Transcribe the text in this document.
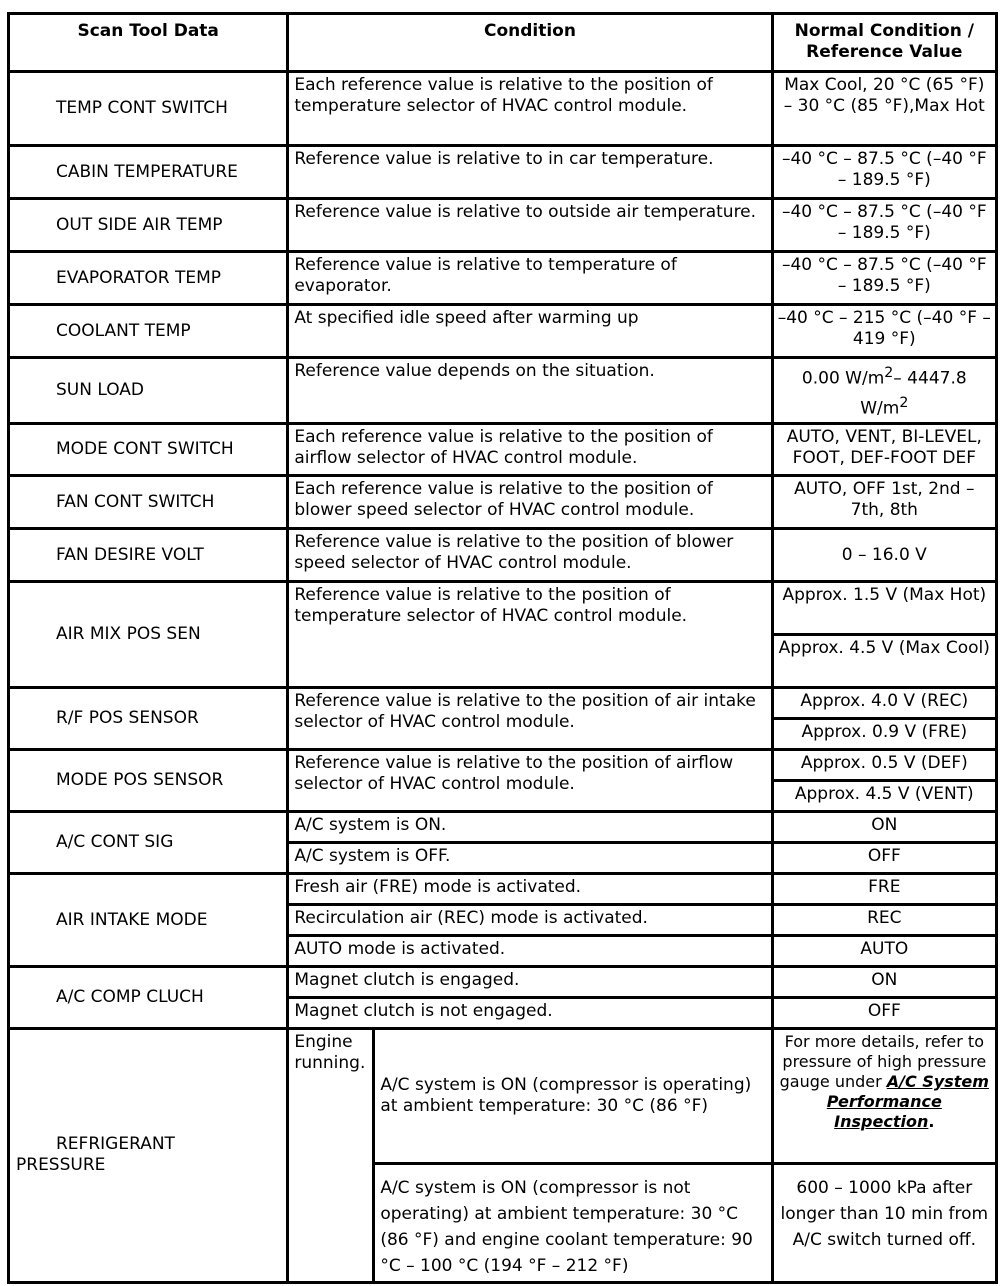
Scan Tool Data	Condition		Normal Condition /
Reference Value
TEMP CONT SWITCH	Each reference value is relative to the position of temperature selector of HVAC control module.		Max Cool, 20 °C (65 °F) – 30 °C (85 °F),Max Hot
CABIN TEMPERATURE	Reference value is relative to in car temperature.		–40 °C – 87.5 °C (–40 °F – 189.5 °F)
OUT SIDE AIR TEMP	Reference value is relative to outside air temperature.		–40 °C – 87.5 °C (–40 °F – 189.5 °F)
EVAPORATOR TEMP	Reference value is relative to temperature of evaporator.		–40 °C – 87.5 °C (–40 °F – 189.5 °F)
COOLANT TEMP	At specified idle speed after warming up		–40 °C – 215 °C (–40 °F – 419 °F)
SUN LOAD	Reference value depends on the situation.		0.00 $W/m^2-$ 4447.8 $W/m^2$
MODE CONT SWITCH	Each reference value is relative to the position of airflow selector of HVAC control module.		AUTO, VENT, BI-LEVEL, FOOT, DEF-FOOT DEF
FAN CONT SWITCH	Each reference value is relative to the position of blower speed selector of HVAC control module.		AUTO, OFF 1st, 2nd – 7th, 8th
FAN DESIRE VOLT	Reference value is relative to the position of blower speed selector of HVAC control module.		0 – 16.0 V
AIR MIX POS SEN	Reference value is relative to the position of temperature selector of HVAC control module.		Approx. 1.5 V (Max Hot)
			Approx. 4.5 V (Max Cool)
R/F POS SENSOR	Reference value is relative to the position of air intake selector of HVAC control module.		Approx. 4.0 V (REC)
			Approx. 0.9 V (FRE)
MODE POS SENSOR	Reference value is relative to the position of airflow selector of HVAC control module.		Approx. 0.5 V (DEF)
			Approx. 4.5 V (VENT)
A/C CONT SIG	A/C system is ON.		ON
	A/C system is OFF.		OFF
AIR INTAKE MODE	Fresh air (FRE) mode is activated.		FRE
	Recirculation air (REC) mode is activated.		REC
	AUTO mode is activated.		AUTO
A/C COMP CLUCH	Magnet clutch is engaged.		ON
	Magnet clutch is not engaged.		OFF

REFRIGERANT
PRESSURE	Engine running.	A/C system is ON (compressor is operating) at ambient temperature: 30 °C (86 °F)	For more details, refer to pressure of high pressure gauge under A/C System Performance Inspection.
		A/C system is ON (compressor is not operating) at ambient temperature: 30 °C (86 °F) and engine coolant temperature: 90 °C – 100 °C (194 °F – 212 °F)	600 – 1000 kPa after longer than 10 min from A/C switch turned off.
